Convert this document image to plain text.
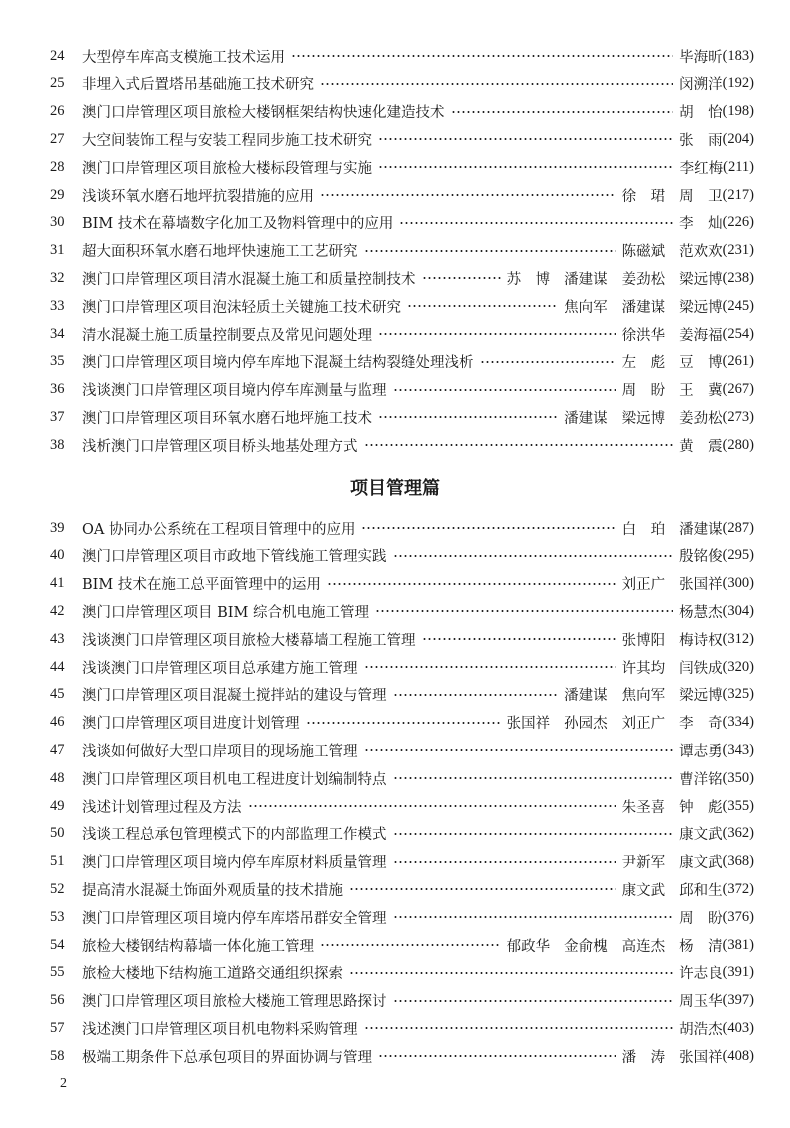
24	大型停车库高支模施工技术运用	毕海昕 (183)
25	非埋入式后置塔吊基础施工技术研究	闵溯洋 (192)
26	澳门口岸管理区项目旅检大楼钢框架结构快速化建造技术	胡　怡 (198)
27	大空间装饰工程与安装工程同步施工技术研究	张　雨 (204)
28	澳门口岸管理区项目旅检大楼标段管理与实施	李红梅 (211)
29	浅谈环氧水磨石地坪抗裂措施的应用	徐　珺 周　卫 (217)
30	BIM 技术在幕墙数字化加工及物料管理中的应用	李　灿 (226)
31	超大面积环氧水磨石地坪快速施工工艺研究	陈磁斌 范欢欢 (231)
32	澳门口岸管理区项目清水混凝土施工和质量控制技术	苏　博 潘建谋 姜劲松 梁远博 (238)
33	澳门口岸管理区项目泡沫轻质土关键施工技术研究	焦向军 潘建谋 梁远博 (245)
34	清水混凝土施工质量控制要点及常见问题处理	徐洪华 姜海福 (254)
35	澳门口岸管理区项目境内停车库地下混凝土结构裂缝处理浅析	左　彪 豆　博 (261)
36	浅谈澳门口岸管理区项目境内停车库测量与监理	周　盼 王　冀 (267)
37	澳门口岸管理区项目环氧水磨石地坪施工技术	潘建谋 梁远博 姜劲松 (273)
38	浅析澳门口岸管理区项目桥头地基处理方式	黄　震 (280)
项目管理篇
39	OA 协同办公系统在工程项目管理中的应用	白　珀 潘建谋 (287)
40	澳门口岸管理区项目市政地下管线施工管理实践	殷铭俊 (295)
41	BIM 技术在施工总平面管理中的运用	刘正广 张国祥 (300)
42	澳门口岸管理区项目 BIM 综合机电施工管理	杨慧杰 (304)
43	浅谈澳门口岸管理区项目旅检大楼幕墙工程施工管理	张博阳 梅诗权 (312)
44	浅谈澳门口岸管理区项目总承建方施工管理	许其均 闫铁成 (320)
45	澳门口岸管理区项目混凝土搅拌站的建设与管理	潘建谋 焦向军 梁远博 (325)
46	澳门口岸管理区项目进度计划管理	张国祥 孙园杰 刘正广 李　奇 (334)
47	浅谈如何做好大型口岸项目的现场施工管理	谭志勇 (343)
48	澳门口岸管理区项目机电工程进度计划编制特点	曹洋铭 (350)
49	浅述计划管理过程及方法	朱圣喜 钟　彪 (355)
50	浅谈工程总承包管理模式下的内部监理工作模式	康文武 (362)
51	澳门口岸管理区项目境内停车库原材料质量管理	尹新军 康文武 (368)
52	提高清水混凝土饰面外观质量的技术措施	康文武 邱和生 (372)
53	澳门口岸管理区项目境内停车库塔吊群安全管理	周　盼 (376)
54	旅检大楼钢结构幕墙一体化施工管理	郁政华 金俞槐 高连杰 杨　清 (381)
55	旅检大楼地下结构施工道路交通组织探索	许志良 (391)
56	澳门口岸管理区项目旅检大楼施工管理思路探讨	周玉华 (397)
57	浅述澳门口岸管理区项目机电物料采购管理	胡浩杰 (403)
58	极端工期条件下总承包项目的界面协调与管理	潘　涛 张国祥 (408)
2
